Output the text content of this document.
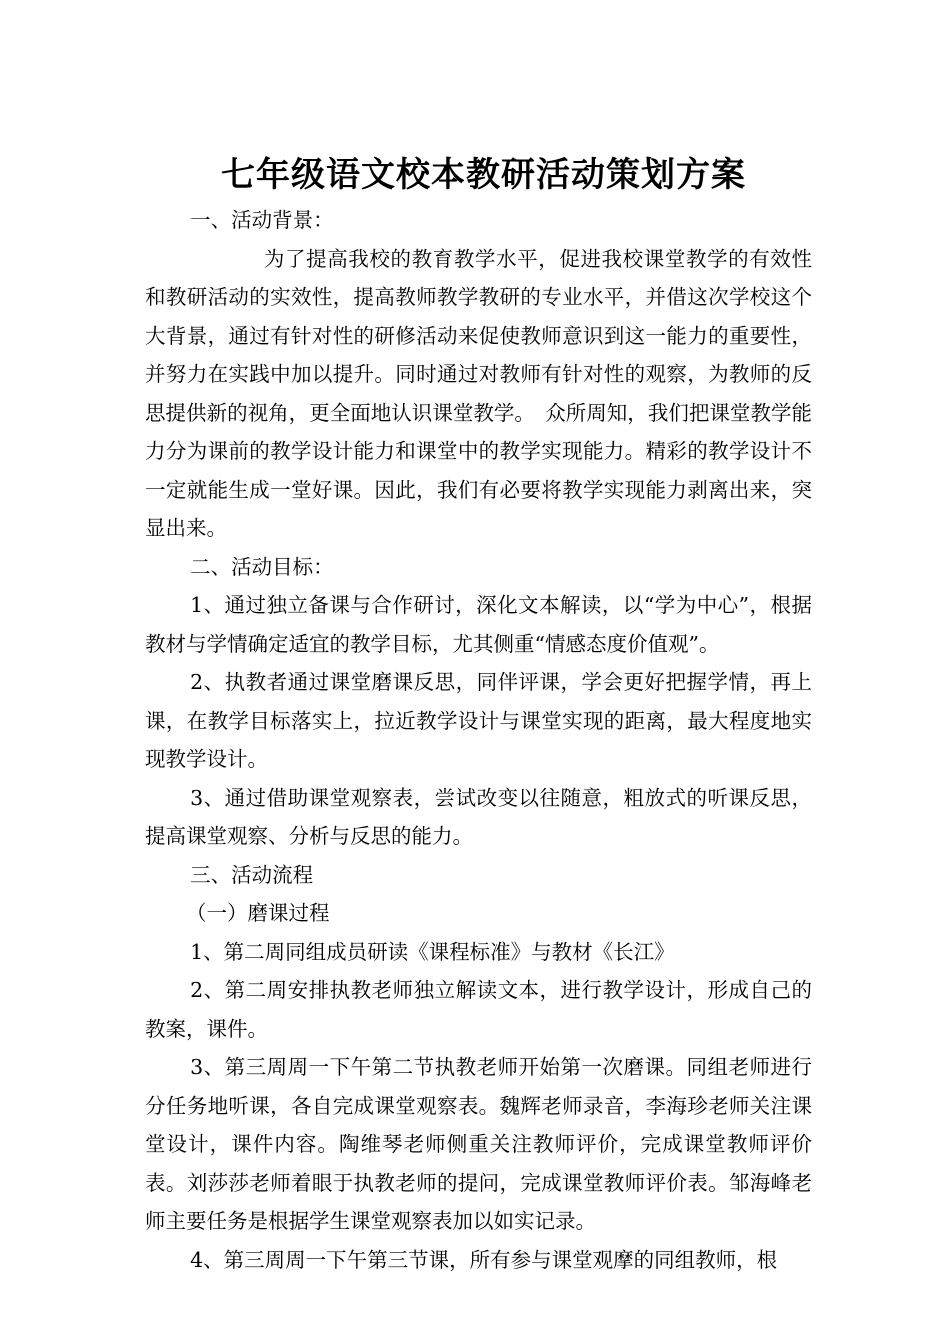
七年级语文校本教研活动策划方案

一、活动背景：

为了提高我校的教育教学水平，促进我校课堂教学的有效性和教研活动的实效性，提高教师教学教研的专业水平，并借这次学校这个大背景，通过有针对性的研修活动来促使教师意识到这一能力的重要性，并努力在实践中加以提升。同时通过对教师有针对性的观察，为教师的反思提供新的视角，更全面地认识课堂教学。　众所周知，我们把课堂教学能力分为课前的教学设计能力和课堂中的教学实现能力。精彩的教学设计不一定就能生成一堂好课。因此，我们有必要将教学实现能力剥离出来，突显出来。

二、活动目标：

1、通过独立备课与合作研讨，深化文本解读，以“学为中心”，根据教材与学情确定适宜的教学目标，尤其侧重“情感态度价值观”。

2、执教者通过课堂磨课反思，同伴评课，学会更好把握学情，再上课，在教学目标落实上，拉近教学设计与课堂实现的距离，最大程度地实现教学设计。

3、通过借助课堂观察表，尝试改变以往随意，粗放式的听课反思，提高课堂观察、分析与反思的能力。

三、活动流程

（一）磨课过程

1、第二周同组成员研读《课程标准》与教材《长江》

2、第二周安排执教老师独立解读文本，进行教学设计，形成自己的教案，课件。

3、第三周周一下午第二节执教老师开始第一次磨课。同组老师进行分任务地听课，各自完成课堂观察表。魏辉老师录音，李海珍老师关注课堂设计，课件内容。陶维琴老师侧重关注教师评价，完成课堂教师评价表。刘莎莎老师着眼于执教老师的提问，完成课堂教师评价表。邹海峰老师主要任务是根据学生课堂观察表加以如实记录。

4、第三周周一下午第三节课，所有参与课堂观摩的同组教师，根
